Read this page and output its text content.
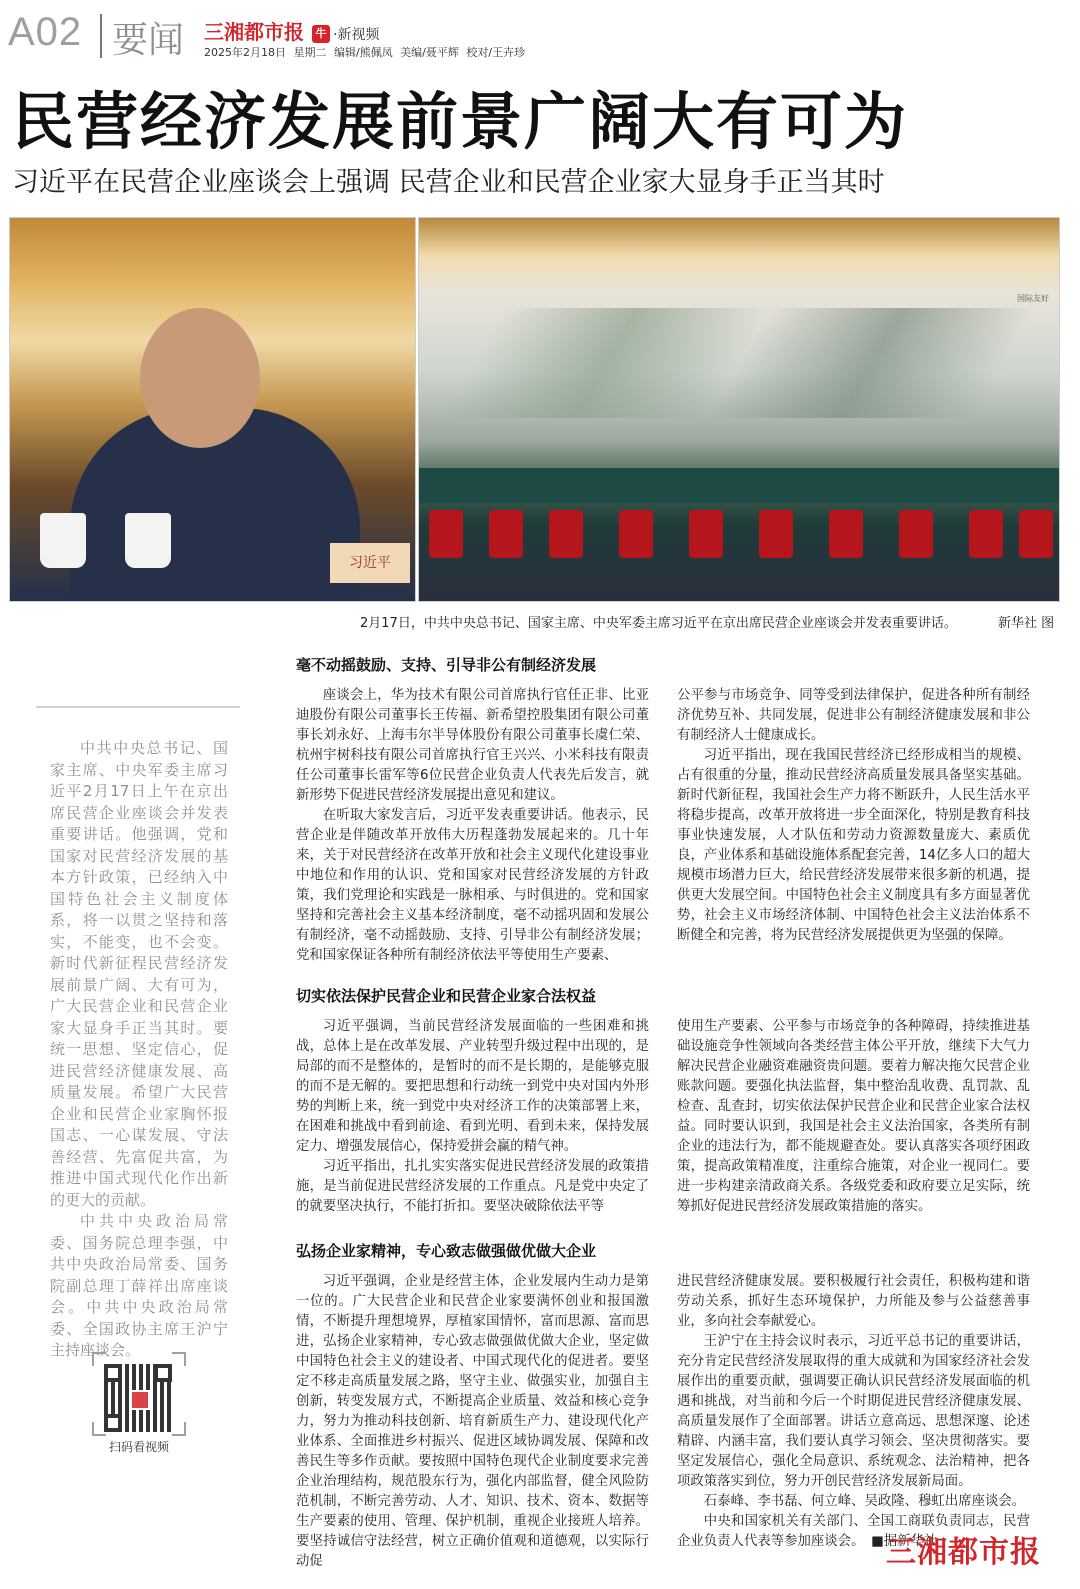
A02 要闻 三湘都市报 牛 ·新视频
2025年2月18日 星期二 编辑/熊佩凤 美编/聂平辉 校对/王卉珍
民营经济发展前景广阔大有可为
习近平在民营企业座谈会上强调 民营企业和民营企业家大显身手正当其时
习近平
国际友好
2月17日，中共中央总书记、国家主席、中央军委主席习近平在京出席民营企业座谈会并发表重要讲话。	新华社 图

中共中央总书记、国家主席、中央军委主席习近平2月17日上午在京出席民营企业座谈会并发表重要讲话。他强调，党和国家对民营经济发展的基本方针政策，已经纳入中国特色社会主义制度体系，将一以贯之坚持和落实，不能变，也不会变。新时代新征程民营经济发展前景广阔、大有可为，广大民营企业和民营企业家大显身手正当其时。要统一思想、坚定信心，促进民营经济健康发展、高质量发展。希望广大民营企业和民营企业家胸怀报国志、一心谋发展、守法善经营、先富促共富，为推进中国式现代化作出新的更大的贡献。

中共中央政治局常委、国务院总理李强，中共中央政治局常委、国务院副总理丁薛祥出席座谈会。中共中央政治局常委、全国政协主席王沪宁主持座谈会。

扫码看视频
毫不动摇鼓励、支持、引导非公有制经济发展

座谈会上，华为技术有限公司首席执行官任正非、比亚迪股份有限公司董事长王传福、新希望控股集团有限公司董事长刘永好、上海韦尔半导体股份有限公司董事长虞仁荣、杭州宇树科技有限公司首席执行官王兴兴、小米科技有限责任公司董事长雷军等6位民营企业负责人代表先后发言，就新形势下促进民营经济发展提出意见和建议。

在听取大家发言后，习近平发表重要讲话。他表示，民营企业是伴随改革开放伟大历程蓬勃发展起来的。几十年来，关于对民营经济在改革开放和社会主义现代化建设事业中地位和作用的认识、党和国家对民营经济发展的方针政策，我们党理论和实践是一脉相承、与时俱进的。党和国家坚持和完善社会主义基本经济制度，毫不动摇巩固和发展公有制经济，毫不动摇鼓励、支持、引导非公有制经济发展；党和国家保证各种所有制经济依法平等使用生产要素、

公平参与市场竞争、同等受到法律保护，促进各种所有制经济优势互补、共同发展，促进非公有制经济健康发展和非公有制经济人士健康成长。

习近平指出，现在我国民营经济已经形成相当的规模、占有很重的分量，推动民营经济高质量发展具备坚实基础。新时代新征程，我国社会生产力将不断跃升，人民生活水平将稳步提高，改革开放将进一步全面深化，特别是教育科技事业快速发展，人才队伍和劳动力资源数量庞大、素质优良，产业体系和基础设施体系配套完善，14亿多人口的超大规模市场潜力巨大，给民营经济发展带来很多新的机遇，提供更大发展空间。中国特色社会主义制度具有多方面显著优势，社会主义市场经济体制、中国特色社会主义法治体系不断健全和完善，将为民营经济发展提供更为坚强的保障。

切实依法保护民营企业和民营企业家合法权益

习近平强调，当前民营经济发展面临的一些困难和挑战，总体上是在改革发展、产业转型升级过程中出现的，是局部的而不是整体的，是暂时的而不是长期的，是能够克服的而不是无解的。要把思想和行动统一到党中央对国内外形势的判断上来，统一到党中央对经济工作的决策部署上来，在困难和挑战中看到前途、看到光明、看到未来，保持发展定力、增强发展信心，保持爱拼会赢的精气神。

习近平指出，扎扎实实落实促进民营经济发展的政策措施，是当前促进民营经济发展的工作重点。凡是党中央定了的就要坚决执行，不能打折扣。要坚决破除依法平等

使用生产要素、公平参与市场竞争的各种障碍，持续推进基础设施竞争性领域向各类经营主体公平开放，继续下大气力解决民营企业融资难融资贵问题。要着力解决拖欠民营企业账款问题。要强化执法监督，集中整治乱收费、乱罚款、乱检查、乱查封，切实依法保护民营企业和民营企业家合法权益。同时要认识到，我国是社会主义法治国家，各类所有制企业的违法行为，都不能规避查处。要认真落实各项纾困政策，提高政策精准度，注重综合施策，对企业一视同仁。要进一步构建亲清政商关系。各级党委和政府要立足实际，统筹抓好促进民营经济发展政策措施的落实。

弘扬企业家精神，专心致志做强做优做大企业

习近平强调，企业是经营主体，企业发展内生动力是第一位的。广大民营企业和民营企业家要满怀创业和报国激情，不断提升理想境界，厚植家国情怀，富而思源、富而思进，弘扬企业家精神，专心致志做强做优做大企业，坚定做中国特色社会主义的建设者、中国式现代化的促进者。要坚定不移走高质量发展之路，坚守主业、做强实业，加强自主创新，转变发展方式，不断提高企业质量、效益和核心竞争力，努力为推动科技创新、培育新质生产力、建设现代化产业体系、全面推进乡村振兴、促进区域协调发展、保障和改善民生等多作贡献。要按照中国特色现代企业制度要求完善企业治理结构，规范股东行为，强化内部监督，健全风险防范机制，不断完善劳动、人才、知识、技术、资本、数据等生产要素的使用、管理、保护机制，重视企业接班人培养。要坚持诚信守法经营，树立正确价值观和道德观，以实际行动促

进民营经济健康发展。要积极履行社会责任，积极构建和谐劳动关系，抓好生态环境保护，力所能及参与公益慈善事业，多向社会奉献爱心。

王沪宁在主持会议时表示，习近平总书记的重要讲话，充分肯定民营经济发展取得的重大成就和为国家经济社会发展作出的重要贡献，强调要正确认识民营经济发展面临的机遇和挑战，对当前和今后一个时期促进民营经济健康发展、高质量发展作了全面部署。讲话立意高远、思想深邃、论述精辟、内涵丰富，我们要认真学习领会、坚决贯彻落实。要坚定发展信心，强化全局意识、系统观念、法治精神，把各项政策落实到位，努力开创民营经济发展新局面。

石泰峰、李书磊、何立峰、吴政隆、穆虹出席座谈会。

中央和国家机关有关部门、全国工商联负责同志，民营企业负责人代表等参加座谈会。　■据新华社

三湘都市报
